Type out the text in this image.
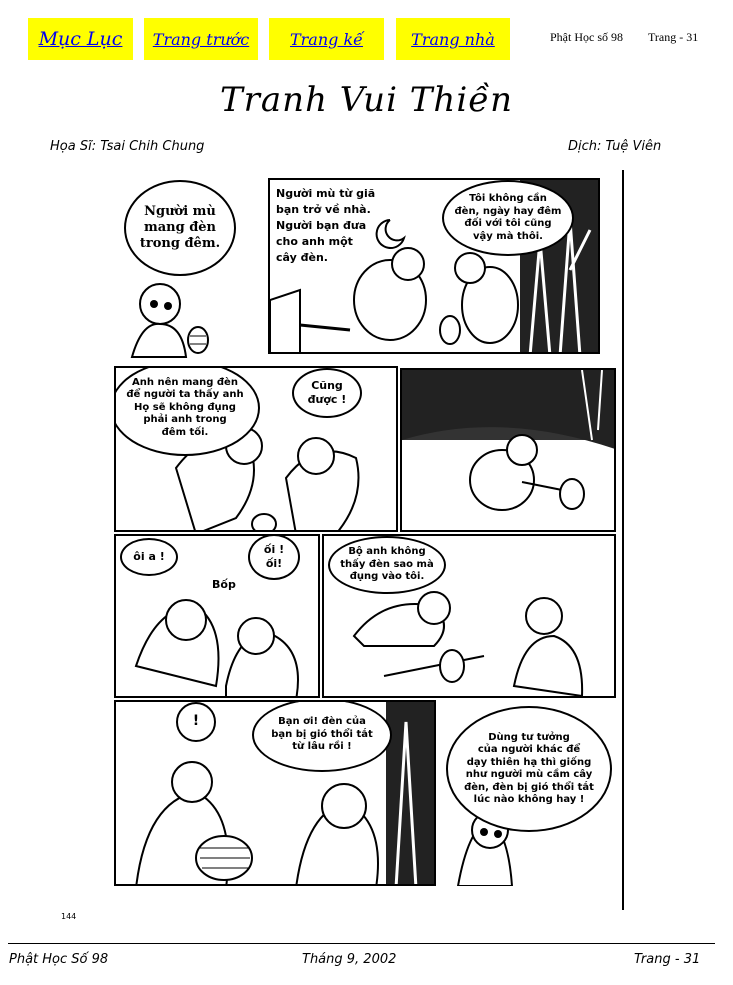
Mục Lục	Trang trước	Trang kế	Trang nhà	Phật Học số 98 Trang - 31
Tranh Vui Thiền
Họa Sĩ: Tsai Chih Chung	Dịch: Tuệ Viên
Người mù
mang đèn
trong đêm.
Người mù từ giã
bạn trở về nhà.
Người bạn đưa
cho anh một
cây đèn.
Tôi không cần
đèn, ngày hay đêm
đối với tôi cũng
vậy mà thôi.
Anh nên mang đèn
để người ta thấy anh
Họ sẽ không đụng
phải anh trong
đêm tối.
Cũng
được !
ôi a !
ối !
ối!
Bốp
Bộ anh không
thấy đèn sao mà
đụng vào tôi.
!	Bạn ơi! đèn của
bạn bị gió thổi tắt
từ lâu rồi !
Dùng tư tưởng
của người khác để
dạy thiên hạ thì giống
như người mù cầm cây
đèn, đèn bị gió thổi tắt
lúc nào không hay !
144
Phật Học Số 98	Tháng 9, 2002	Trang - 31
